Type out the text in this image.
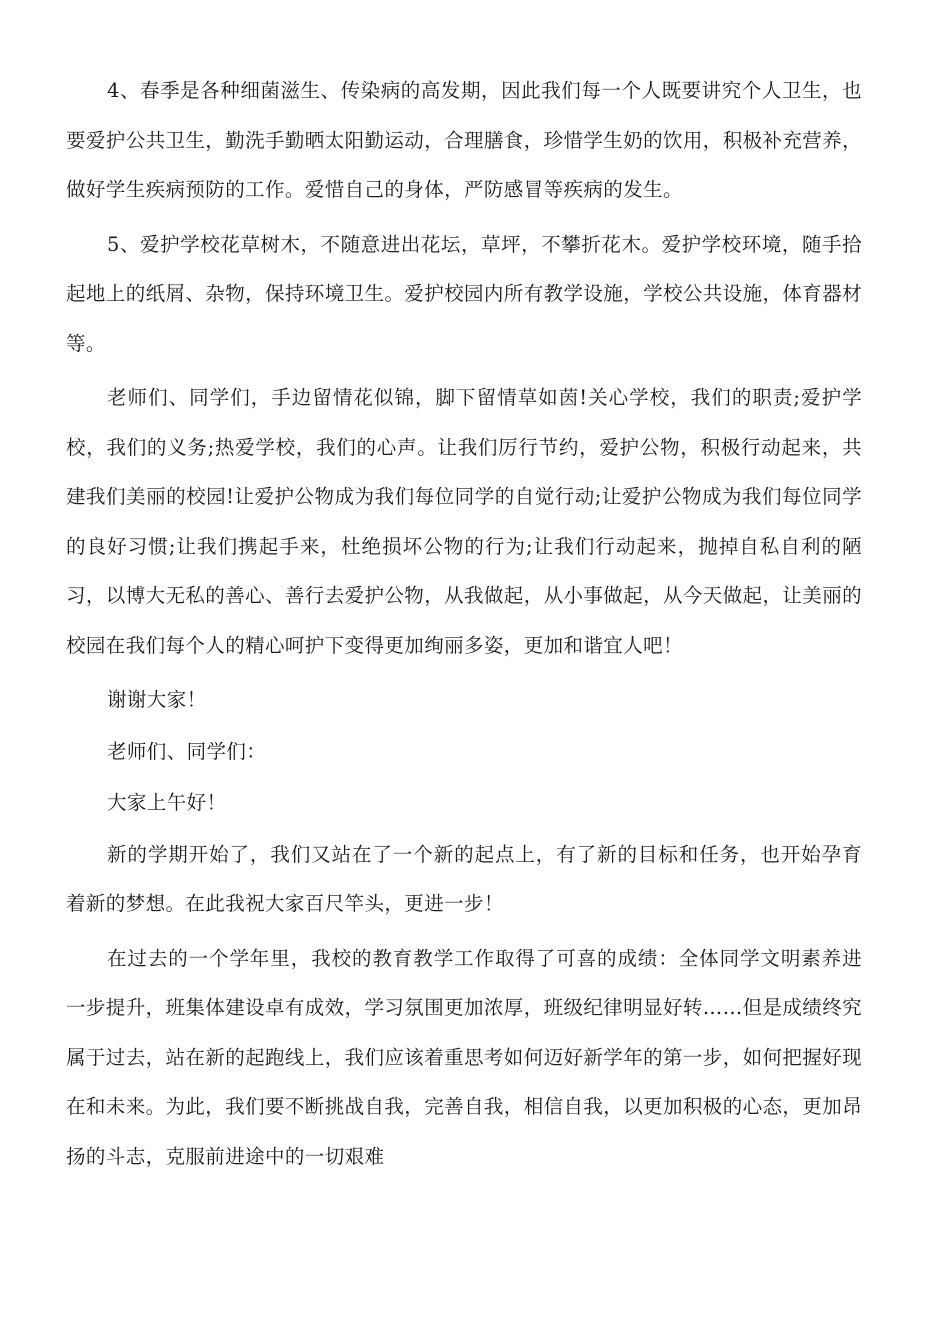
4、春季是各种细菌滋生、传染病的高发期，因此我们每一个人既要讲究个人卫生，也要爱护公共卫生，勤洗手勤晒太阳勤运动，合理膳食，珍惜学生奶的饮用，积极补充营养，做好学生疾病预防的工作。爱惜自己的身体，严防感冒等疾病的发生。

5、爱护学校花草树木，不随意进出花坛，草坪，不攀折花木。爱护学校环境，随手拾起地上的纸屑、杂物，保持环境卫生。爱护校园内所有教学设施，学校公共设施，体育器材等。

老师们、同学们，手边留情花似锦，脚下留情草如茵!关心学校，我们的职责;爱护学校，我们的义务;热爱学校，我们的心声。让我们厉行节约，爱护公物，积极行动起来，共建我们美丽的校园!让爱护公物成为我们每位同学的自觉行动;让爱护公物成为我们每位同学的良好习惯;让我们携起手来，杜绝损坏公物的行为;让我们行动起来，抛掉自私自利的陋习，以博大无私的善心、善行去爱护公物，从我做起，从小事做起，从今天做起，让美丽的校园在我们每个人的精心呵护下变得更加绚丽多姿，更加和谐宜人吧！

谢谢大家！

老师们、同学们：

大家上午好！

新的学期开始了，我们又站在了一个新的起点上，有了新的目标和任务，也开始孕育着新的梦想。在此我祝大家百尺竿头，更进一步！

在过去的一个学年里，我校的教育教学工作取得了可喜的成绩：全体同学文明素养进一步提升，班集体建设卓有成效，学习氛围更加浓厚，班级纪律明显好转……但是成绩终究属于过去，站在新的起跑线上，我们应该着重思考如何迈好新学年的第一步，如何把握好现在和未来。为此，我们要不断挑战自我，完善自我，相信自我，以更加积极的心态，更加昂扬的斗志，克服前进途中的一切艰难
